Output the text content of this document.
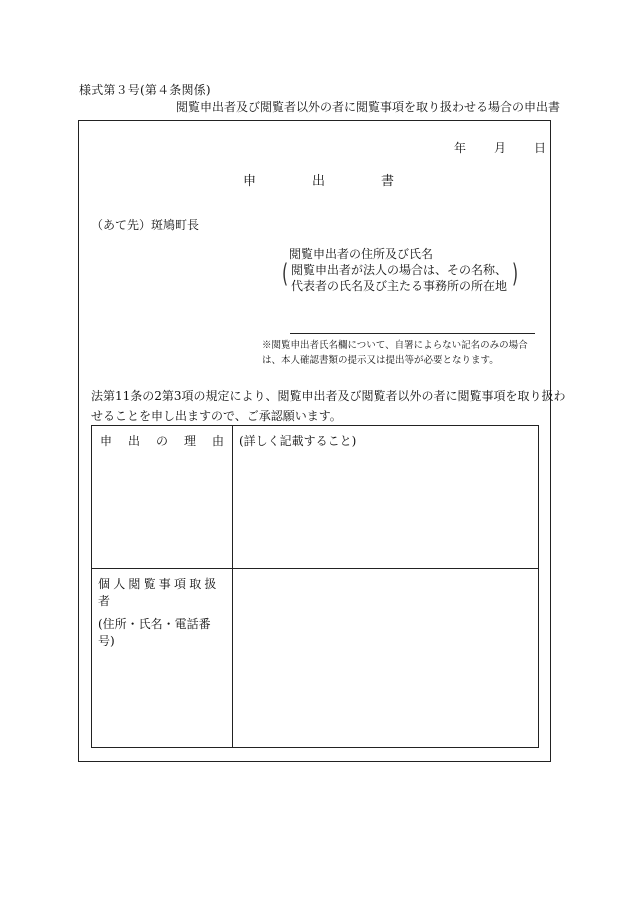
様式第３号(第４条関係)
閲覧申出者及び閲覧者以外の者に閲覧事項を取り扱わせる場合の申出書
年 月 日
申	出	書
（あて先）斑鳩町長
閲覧申出者の住所及び氏名
閲覧申出者が法人の場合は、その名称、
代表者の氏名及び主たる事務所の所在地
(	)
※閲覧申出者氏名欄について、自署によらない記名のみの場合
は、本人確認書類の提示又は提出等が必要となります。
法第11条の2第3項の規定により、閲覧申出者及び閲覧者以外の者に閲覧事項を取り扱わ
せることを申し出ますので、ご承認願います。
申 出 の 理 由	(詳しく記載すること)

個人閲覧事項取扱者
(住所・氏名・電話番号)	
